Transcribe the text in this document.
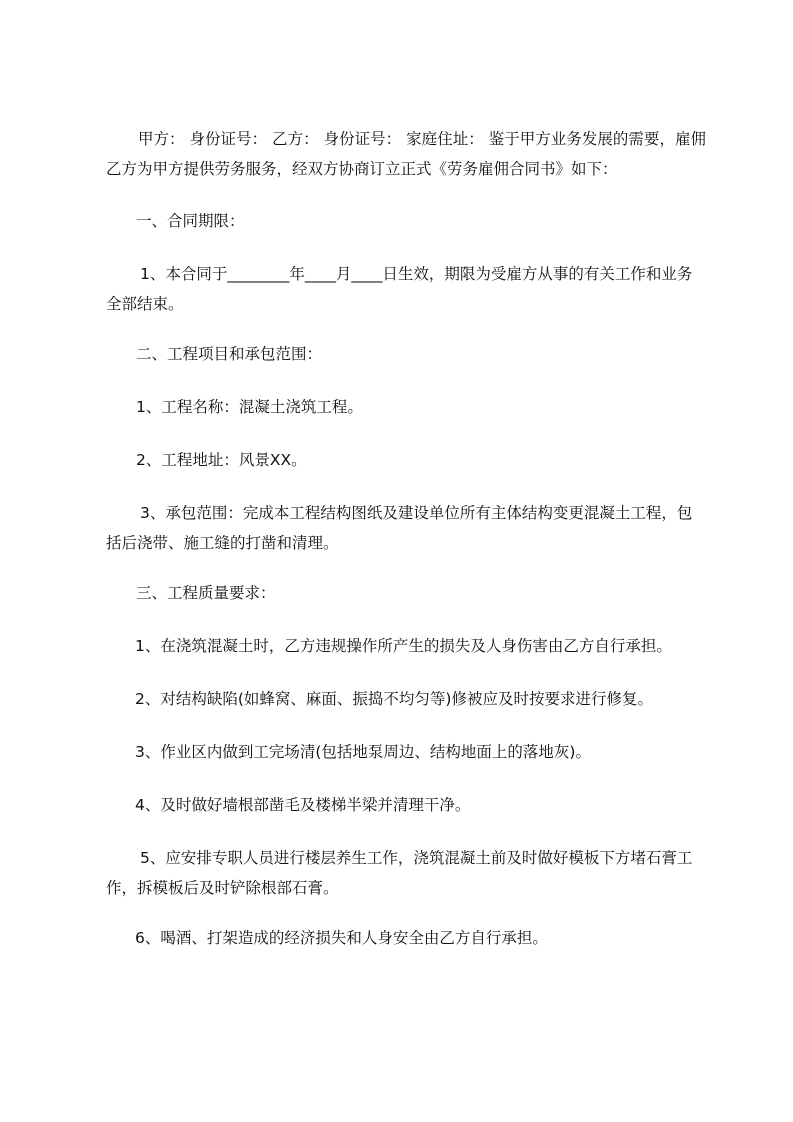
甲方： 身份证号： 乙方： 身份证号： 家庭住址： 鉴于甲方业务发展的需要，雇佣乙方为甲方提供劳务服务，经双方协商订立正式《劳务雇佣合同书》如下：

一、合同期限：

1、本合同于________年____月____日生效，期限为受雇方从事的有关工作和业务全部结束。

二、工程项目和承包范围：

1、工程名称：混凝土浇筑工程。

2、工程地址：风景XX。

3、承包范围：完成本工程结构图纸及建设单位所有主体结构变更混凝土工程，包括后浇带、施工缝的打凿和清理。

三、工程质量要求：

1、在浇筑混凝土时，乙方违规操作所产生的损失及人身伤害由乙方自行承担。

2、对结构缺陷(如蜂窝、麻面、振捣不均匀等)修被应及时按要求进行修复。

3、作业区内做到工完场清(包括地泵周边、结构地面上的落地灰)。

4、及时做好墙根部凿毛及楼梯半梁并清理干净。

5、应安排专职人员进行楼层养生工作，浇筑混凝土前及时做好模板下方堵石膏工作，拆模板后及时铲除根部石膏。

6、喝酒、打架造成的经济损失和人身安全由乙方自行承担。
